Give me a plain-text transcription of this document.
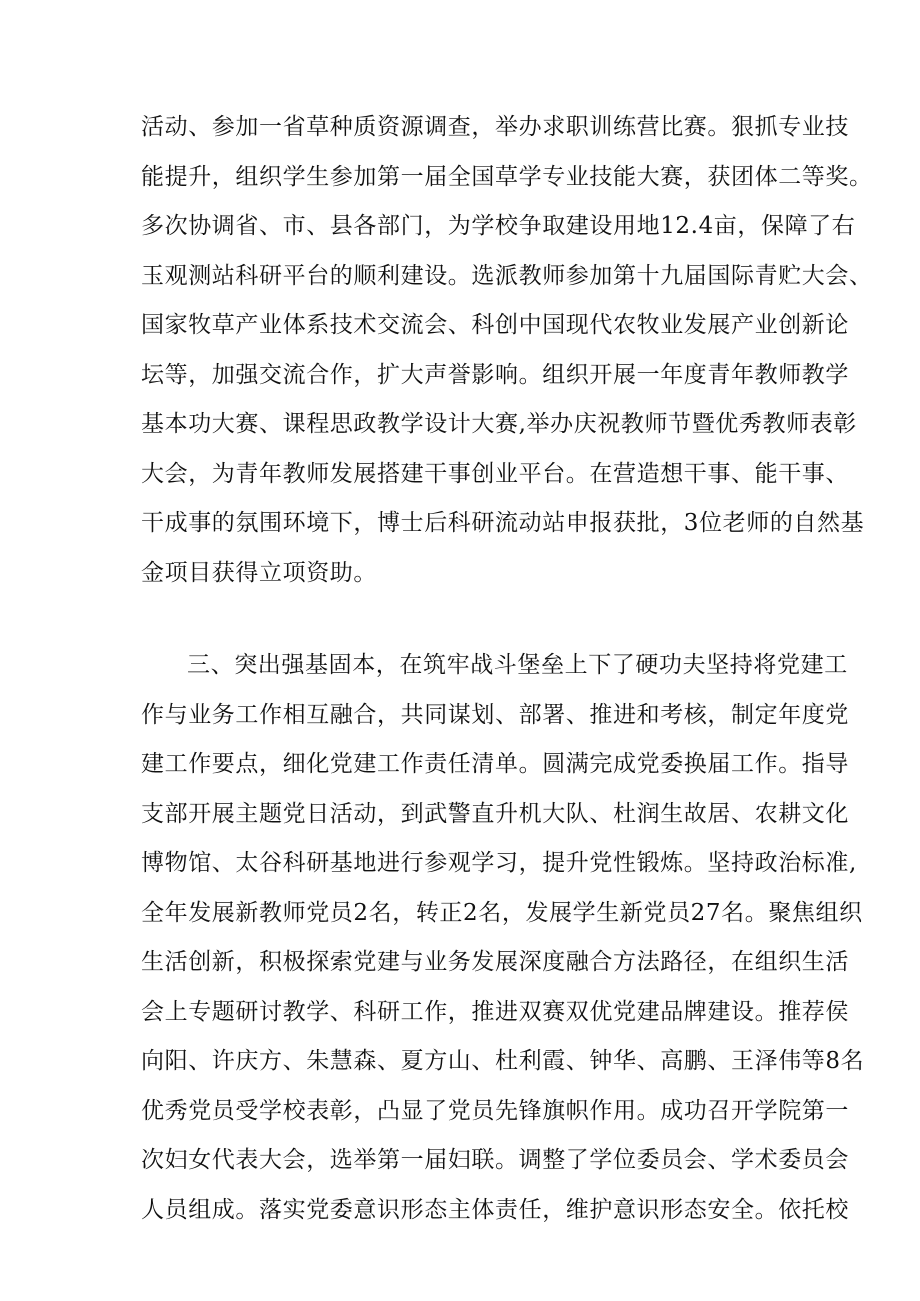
活动、参加一省草种质资源调查，举办求职训练营比赛。狠抓专业技
能提升，组织学生参加第一届全国草学专业技能大赛，获团体二等奖。
多次协调省、市、县各部门，为学校争取建设用地12.4亩，保障了右
玉观测站科研平台的顺利建设。选派教师参加第十九届国际青贮大会、
国家牧草产业体系技术交流会、科创中国现代农牧业发展产业创新论
坛等，加强交流合作，扩大声誉影响。组织开展一年度青年教师教学
基本功大赛、课程思政教学设计大赛,举办庆祝教师节暨优秀教师表彰
大会，为青年教师发展搭建干事创业平台。在营造想干事、能干事、
干成事的氛围环境下，博士后科研流动站申报获批，3位老师的自然基
金项目获得立项资助。
三、突出强基固本，在筑牢战斗堡垒上下了硬功夫坚持将党建工
作与业务工作相互融合，共同谋划、部署、推进和考核，制定年度党
建工作要点，细化党建工作责任清单。圆满完成党委换届工作。指导
支部开展主题党日活动，到武警直升机大队、杜润生故居、农耕文化
博物馆、太谷科研基地进行参观学习，提升党性锻炼。坚持政治标准,
全年发展新教师党员2名，转正2名，发展学生新党员27名。聚焦组织
生活创新，积极探索党建与业务发展深度融合方法路径，在组织生活
会上专题研讨教学、科研工作，推进双赛双优党建品牌建设。推荐侯
向阳、许庆方、朱慧森、夏方山、杜利霞、钟华、高鹏、王泽伟等8名
优秀党员受学校表彰，凸显了党员先锋旗帜作用。成功召开学院第一
次妇女代表大会，选举第一届妇联。调整了学位委员会、学术委员会
人员组成。落实党委意识形态主体责任，维护意识形态安全。依托校
